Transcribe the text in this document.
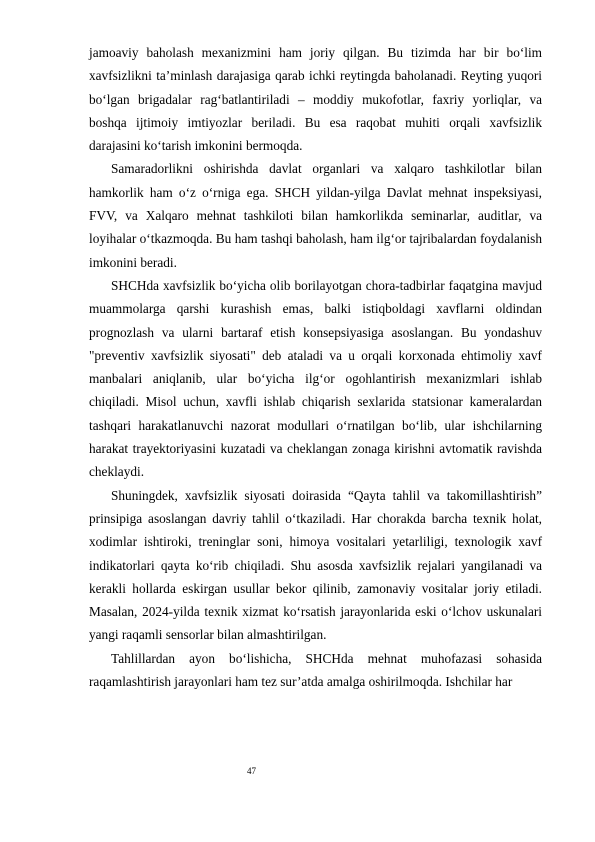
jamoaviy baholash mexanizmini ham joriy qilgan. Bu tizimda har bir bo‘lim xavfsizlikni ta’minlash darajasiga qarab ichki reytingda baholanadi. Reyting yuqori bo‘lgan brigadalar rag‘batlantiriladi – moddiy mukofotlar, faxriy yorliqlar, va boshqa ijtimoiy imtiyozlar beriladi. Bu esa raqobat muhiti orqali xavfsizlik darajasini ko‘tarish imkonini bermoqda.

Samaradorlikni oshirishda davlat organlari va xalqaro tashkilotlar bilan hamkorlik ham o‘z o‘rniga ega. SHCH yildan-yilga Davlat mehnat inspeksiyasi, FVV, va Xalqaro mehnat tashkiloti bilan hamkorlikda seminarlar, auditlar, va loyihalar o‘tkazmoqda. Bu ham tashqi baholash, ham ilg‘or tajribalardan foydalanish imkonini beradi.

SHCHda xavfsizlik bo‘yicha olib borilayotgan chora-tadbirlar faqatgina mavjud muammolarga qarshi kurashish emas, balki istiqboldagi xavflarni oldindan prognozlash va ularni bartaraf etish konsepsiyasiga asoslangan. Bu yondashuv "preventiv xavfsizlik siyosati" deb ataladi va u orqali korxonada ehtimoliy xavf manbalari aniqlanib, ular bo‘yicha ilg‘or ogohlantirish mexanizmlari ishlab chiqiladi. Misol uchun, xavfli ishlab chiqarish sexlarida statsionar kameralardan tashqari harakatlanuvchi nazorat modullari o‘rnatilgan bo‘lib, ular ishchilarning harakat trayektoriyasini kuzatadi va cheklangan zonaga kirishni avtomatik ravishda cheklaydi.

Shuningdek, xavfsizlik siyosati doirasida “Qayta tahlil va takomillashtirish” prinsipiga asoslangan davriy tahlil o‘tkaziladi. Har chorakda barcha texnik holat, xodimlar ishtiroki, treninglar soni, himoya vositalari yetarliligi, texnologik xavf indikatorlari qayta ko‘rib chiqiladi. Shu asosda xavfsizlik rejalari yangilanadi va kerakli hollarda eskirgan usullar bekor qilinib, zamonaviy vositalar joriy etiladi. Masalan, 2024-yilda texnik xizmat ko‘rsatish jarayonlarida eski o‘lchov uskunalari yangi raqamli sensorlar bilan almashtirilgan.

Tahlillardan ayon bo‘lishicha, SHCHda mehnat muhofazasi sohasida raqamlashtirish jarayonlari ham tez sur’atda amalga oshirilmoqda. Ishchilar har

47
